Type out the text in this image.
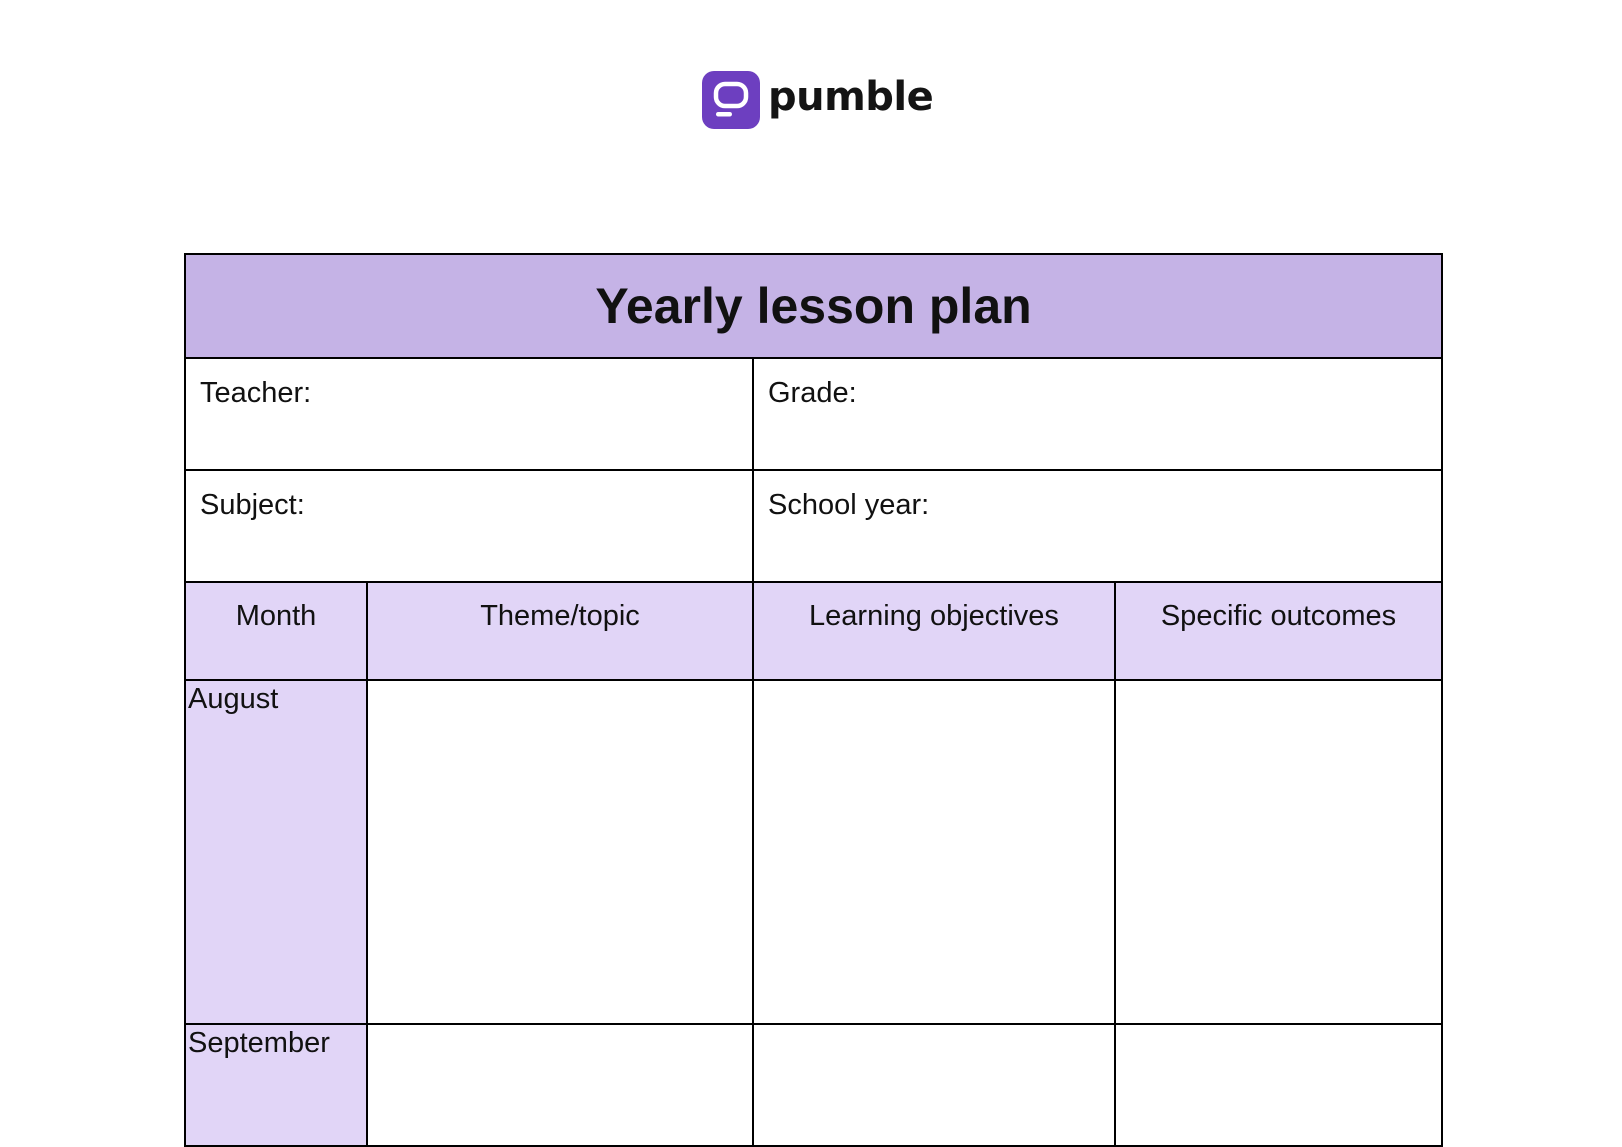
pumble
Yearly lesson plan			

Teacher:		Grade:	

Subject:		School year:	

Month	Theme/topic	Learning objectives	Specific outcomes

August			

September			
